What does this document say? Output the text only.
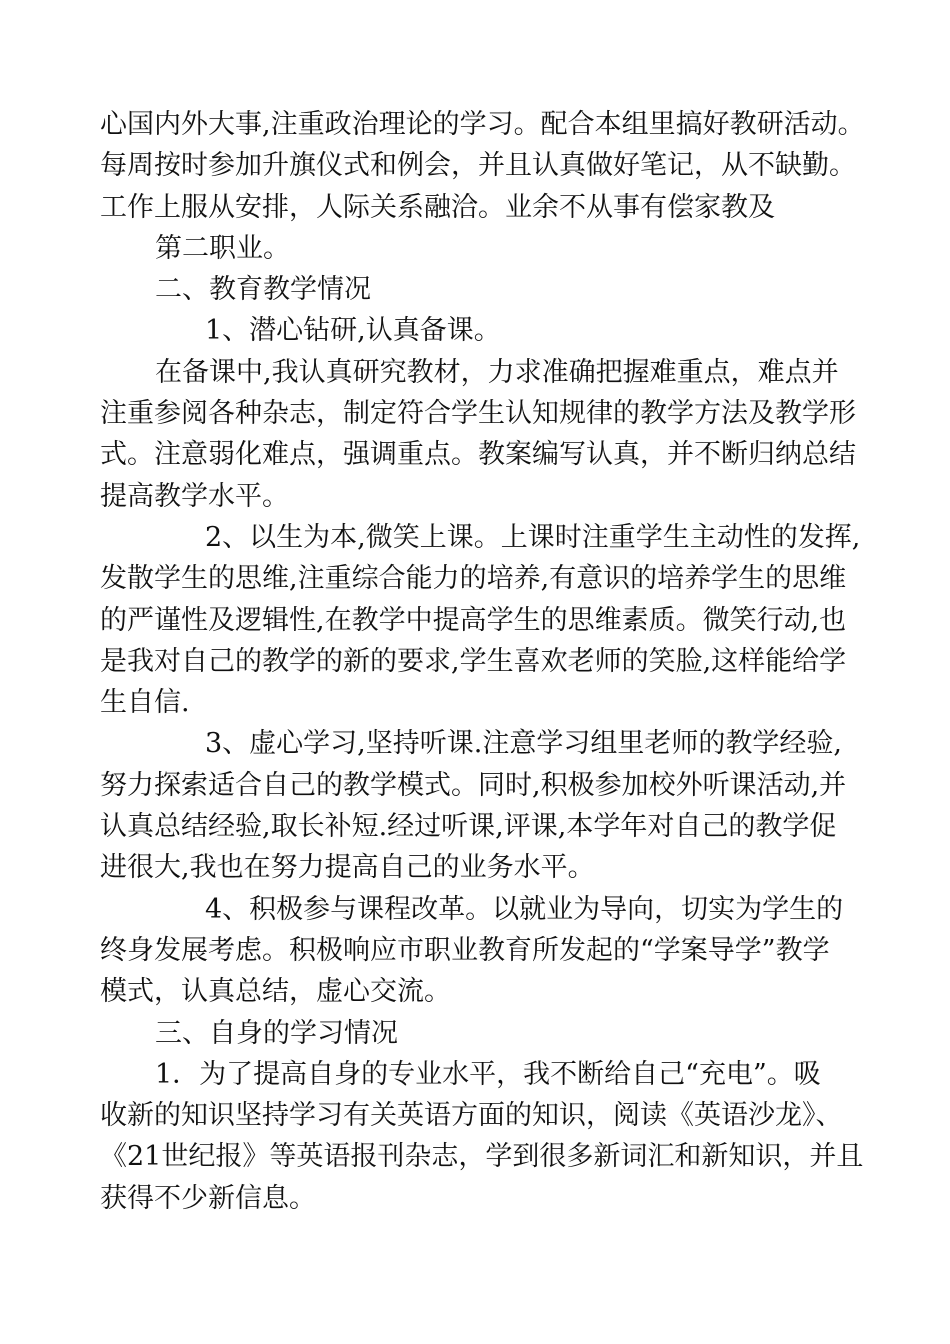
心国内外大事,注重政治理论的学习。配合本组里搞好教研活动。
每周按时参加升旗仪式和例会，并且认真做好笔记，从不缺勤。
工作上服从安排，人际关系融洽。业余不从事有偿家教及
第二职业。
二、教育教学情况
1、潜心钻研,认真备课。
在备课中,我认真研究教材，力求准确把握难重点，难点并
注重参阅各种杂志，制定符合学生认知规律的教学方法及教学形
式。注意弱化难点，强调重点。教案编写认真，并不断归纳总结
提高教学水平。
2、以生为本,微笑上课。上课时注重学生主动性的发挥,
发散学生的思维,注重综合能力的培养,有意识的培养学生的思维
的严谨性及逻辑性,在教学中提高学生的思维素质。微笑行动,也
是我对自己的教学的新的要求,学生喜欢老师的笑脸,这样能给学
生自信.
3、虚心学习,坚持听课.注意学习组里老师的教学经验,
努力探索适合自己的教学模式。同时,积极参加校外听课活动,并
认真总结经验,取长补短.经过听课,评课,本学年对自己的教学促
进很大,我也在努力提高自己的业务水平。
4、积极参与课程改革。以就业为导向，切实为学生的
终身发展考虑。积极响应市职业教育所发起的“学案导学”教学
模式，认真总结，虚心交流。
三、自身的学习情况
1．为了提高自身的专业水平，我不断给自己“充电”。吸
收新的知识坚持学习有关英语方面的知识，阅读《英语沙龙》、
《21世纪报》等英语报刊杂志，学到很多新词汇和新知识，并且
获得不少新信息。
